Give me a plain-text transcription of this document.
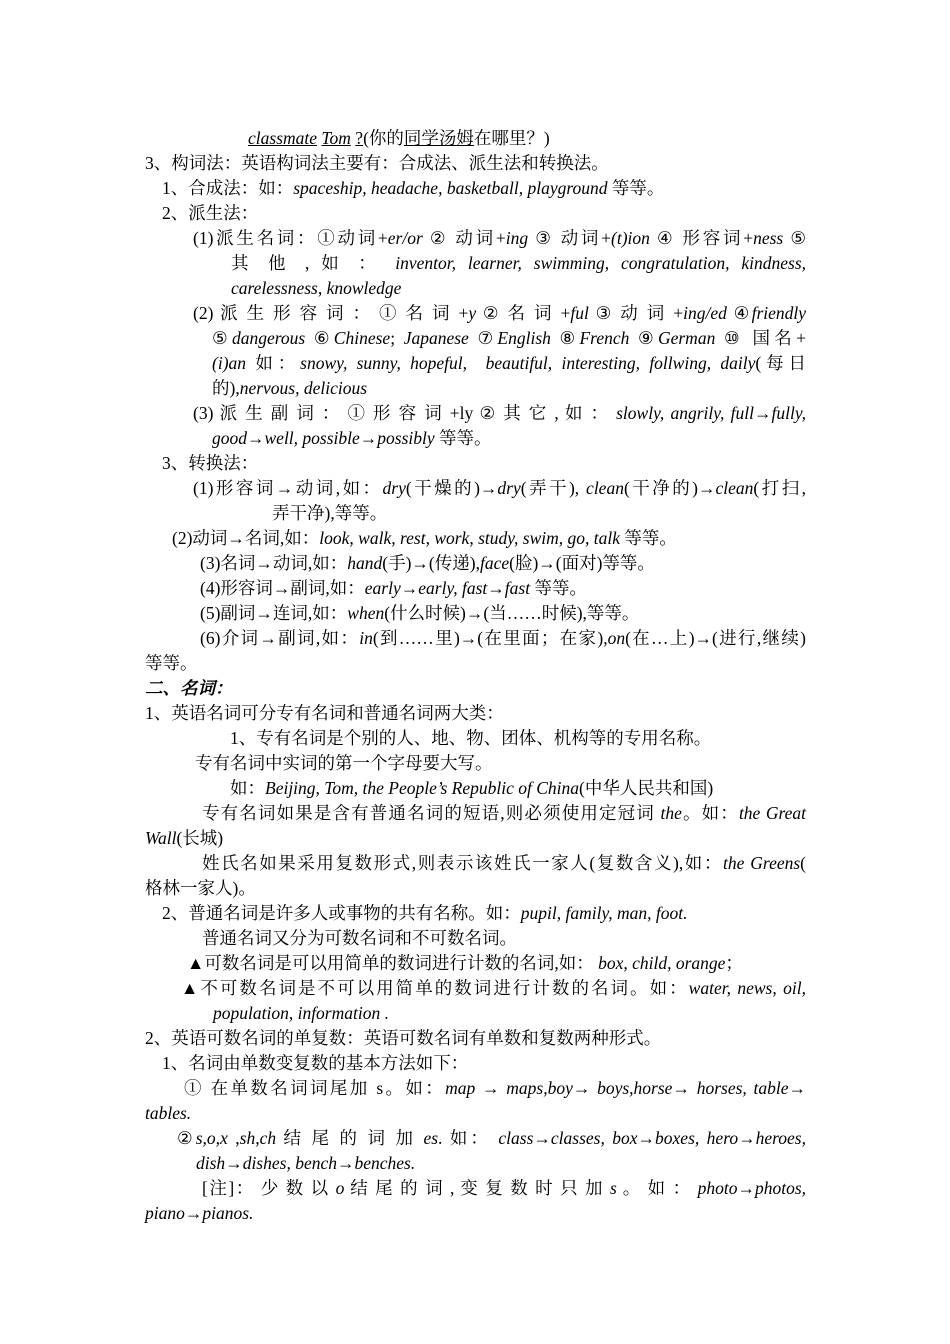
classmate Tom ?(你的同学汤姆在哪里？)
3、构词法：英语构词法主要有：合成法、派生法和转换法。
1、合成法：如：spaceship, headache, basketball, playground 等等。
2、派生法：
(1)派生名词：①动词+er/or ② 动词+ing ③ 动词+(t)ion ④ 形容词+ness ⑤
其 他 , 如 ： inventor, learner, swimming, congratulation, kindness,
carelessness, knowledge
(2) 派 生 形 容 词 ： ① 名 词 +y ② 名 词 +ful ③ 动 词 +ing/ed ④friendly
⑤dangerous ⑥Chinese; Japanese ⑦English ⑧French ⑨German ⑩ 国名+
(i)an 如：snowy, sunny, hopeful, beautiful, interesting, follwing, daily(每日
的),nervous, delicious
(3) 派 生 副 词 ： ① 形 容 词 +ly ② 其 它 , 如 ： slowly, angrily, full→fully,
good→well, possible→possibly 等等。
3、转换法：
(1)形容词→动词,如：dry(干燥的)→dry(弄干), clean(干净的)→clean(打扫,
弄干净),等等。
(2)动词→名词,如：look, walk, rest, work, study, swim, go, talk 等等。
(3)名词→动词,如：hand(手)→(传递),face(脸)→(面对)等等。
(4)形容词→副词,如：early→early, fast→fast 等等。
(5)副词→连词,如：when(什么时候)→(当……时候),等等。
(6)介词→副词,如：in(到……里)→(在里面；在家),on(在…上)→(进行,继续)
等等。
二、名词：
1、英语名词可分专有名词和普通名词两大类：
1、专有名词是个别的人、地、物、团体、机构等的专用名称。
专有名词中实词的第一个字母要大写。
如：Beijing, Tom, the People’s Republic of China(中华人民共和国)
专有名词如果是含有普通名词的短语,则必须使用定冠词 the。如：the Great
Wall(长城)
姓氏名如果采用复数形式,则表示该姓氏一家人(复数含义),如：the Greens(
格林一家人)。
2、普通名词是许多人或事物的共有名称。如：pupil, family, man, foot.
普通名词又分为可数名词和不可数名词。
▲可数名词是可以用简单的数词进行计数的名词,如： box, child, orange；
▲不可数名词是不可以用简单的数词进行计数的名词。如：water, news, oil,
population, information .
2、英语可数名词的单复数：英语可数名词有单数和复数两种形式。
1、名词由单数变复数的基本方法如下：
① 在单数名词词尾加 s。如：map → maps,boy→ boys,horse→ horses, table→
tables.
②s,o,x ,sh,ch 结 尾 的 词 加 es. 如： class→classes, box→boxes, hero→heroes,
dish→dishes, bench→benches.
[注]： 少 数 以 o 结 尾 的 词 , 变 复 数 时 只 加 s 。 如 ： photo→photos,
piano→pianos.
